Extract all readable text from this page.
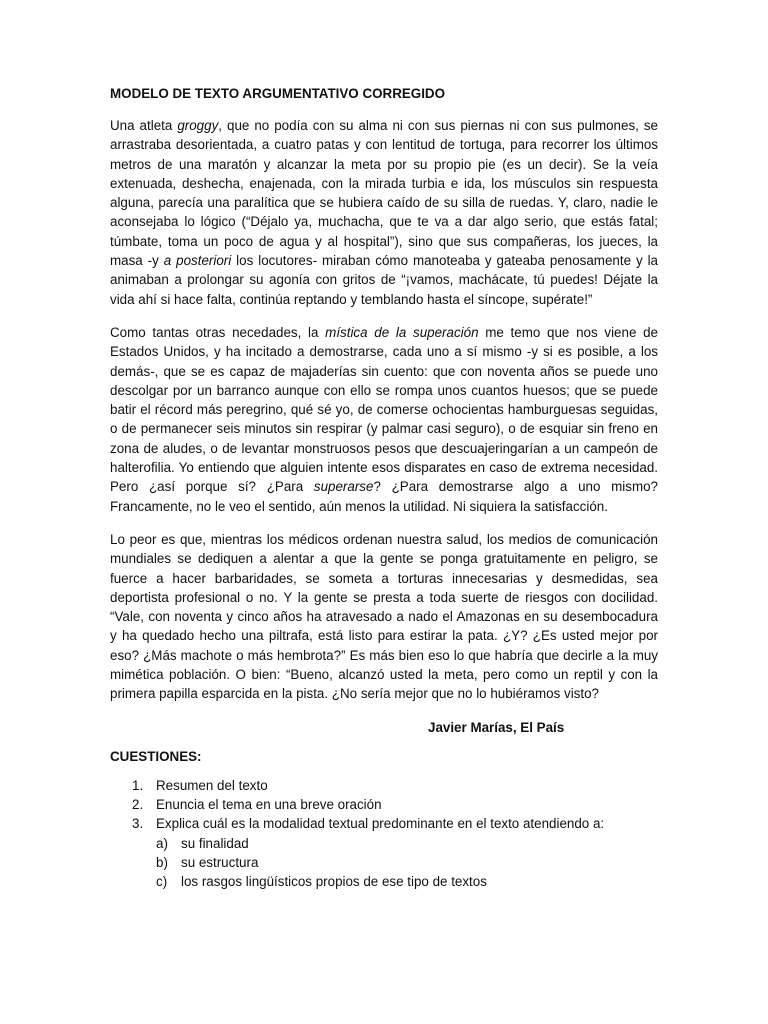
MODELO DE TEXTO ARGUMENTATIVO CORREGIDO
Una atleta groggy, que no podía con su alma ni con sus piernas ni con sus pulmones, se arrastraba desorientada, a cuatro patas y con lentitud de tortuga, para recorrer los últimos metros de una maratón y alcanzar la meta por su propio pie (es un decir). Se la veía extenuada, deshecha, enajenada, con la mirada turbia e ida, los músculos sin respuesta alguna, parecía una paralítica que se hubiera caído de su silla de ruedas. Y, claro, nadie le aconsejaba lo lógico (“Déjalo ya, muchacha, que te va a dar algo serio, que estás fatal; túmbate, toma un poco de agua y al hospital”), sino que sus compañeras, los jueces, la masa -y a posteriori los locutores- miraban cómo manoteaba y gateaba penosamente y la animaban a prolongar su agonía con gritos de “¡vamos, machácate, tú puedes! Déjate la vida ahí si hace falta, continúa reptando y temblando hasta el síncope, supérate!”
Como tantas otras necedades, la mística de la superación me temo que nos viene de Estados Unidos, y ha incitado a demostrarse, cada uno a sí mismo -y si es posible, a los demás-, que se es capaz de majaderías sin cuento: que con noventa años se puede uno descolgar por un barranco aunque con ello se rompa unos cuantos huesos; que se puede batir el récord más peregrino, qué sé yo, de comerse ochocientas hamburguesas seguidas, o de permanecer seis minutos sin respirar (y palmar casi seguro), o de esquiar sin freno en zona de aludes, o de levantar monstruosos pesos que descuajeringarían a un campeón de halterofilia. Yo entiendo que alguien intente esos disparates en caso de extrema necesidad. Pero ¿así porque sí? ¿Para superarse? ¿Para demostrarse algo a uno mismo? Francamente, no le veo el sentido, aún menos la utilidad. Ni siquiera la satisfacción.
Lo peor es que, mientras los médicos ordenan nuestra salud, los medios de comunicación mundiales se dediquen a alentar a que la gente se ponga gratuitamente en peligro, se fuerce a hacer barbaridades, se someta a torturas innecesarias y desmedidas, sea deportista profesional o no. Y la gente se presta a toda suerte de riesgos con docilidad. “Vale, con noventa y cinco años ha atravesado a nado el Amazonas en su desembocadura y ha quedado hecho una piltrafa, está listo para estirar la pata. ¿Y? ¿Es usted mejor por eso? ¿Más machote o más hembrota?” Es más bien eso lo que habría que decirle a la muy mimética población. O bien: “Bueno, alcanzó usted la meta, pero como un reptil y con la primera papilla esparcida en la pista. ¿No sería mejor que no lo hubiéramos visto?
Javier Marías, El País
CUESTIONES:
1. Resumen del texto
2. Enuncia el tema en una breve oración
3. Explica cuál es la modalidad textual predominante en el texto atendiendo a:
a) su finalidad
b) su estructura
c) los rasgos lingüísticos propios de ese tipo de textos
